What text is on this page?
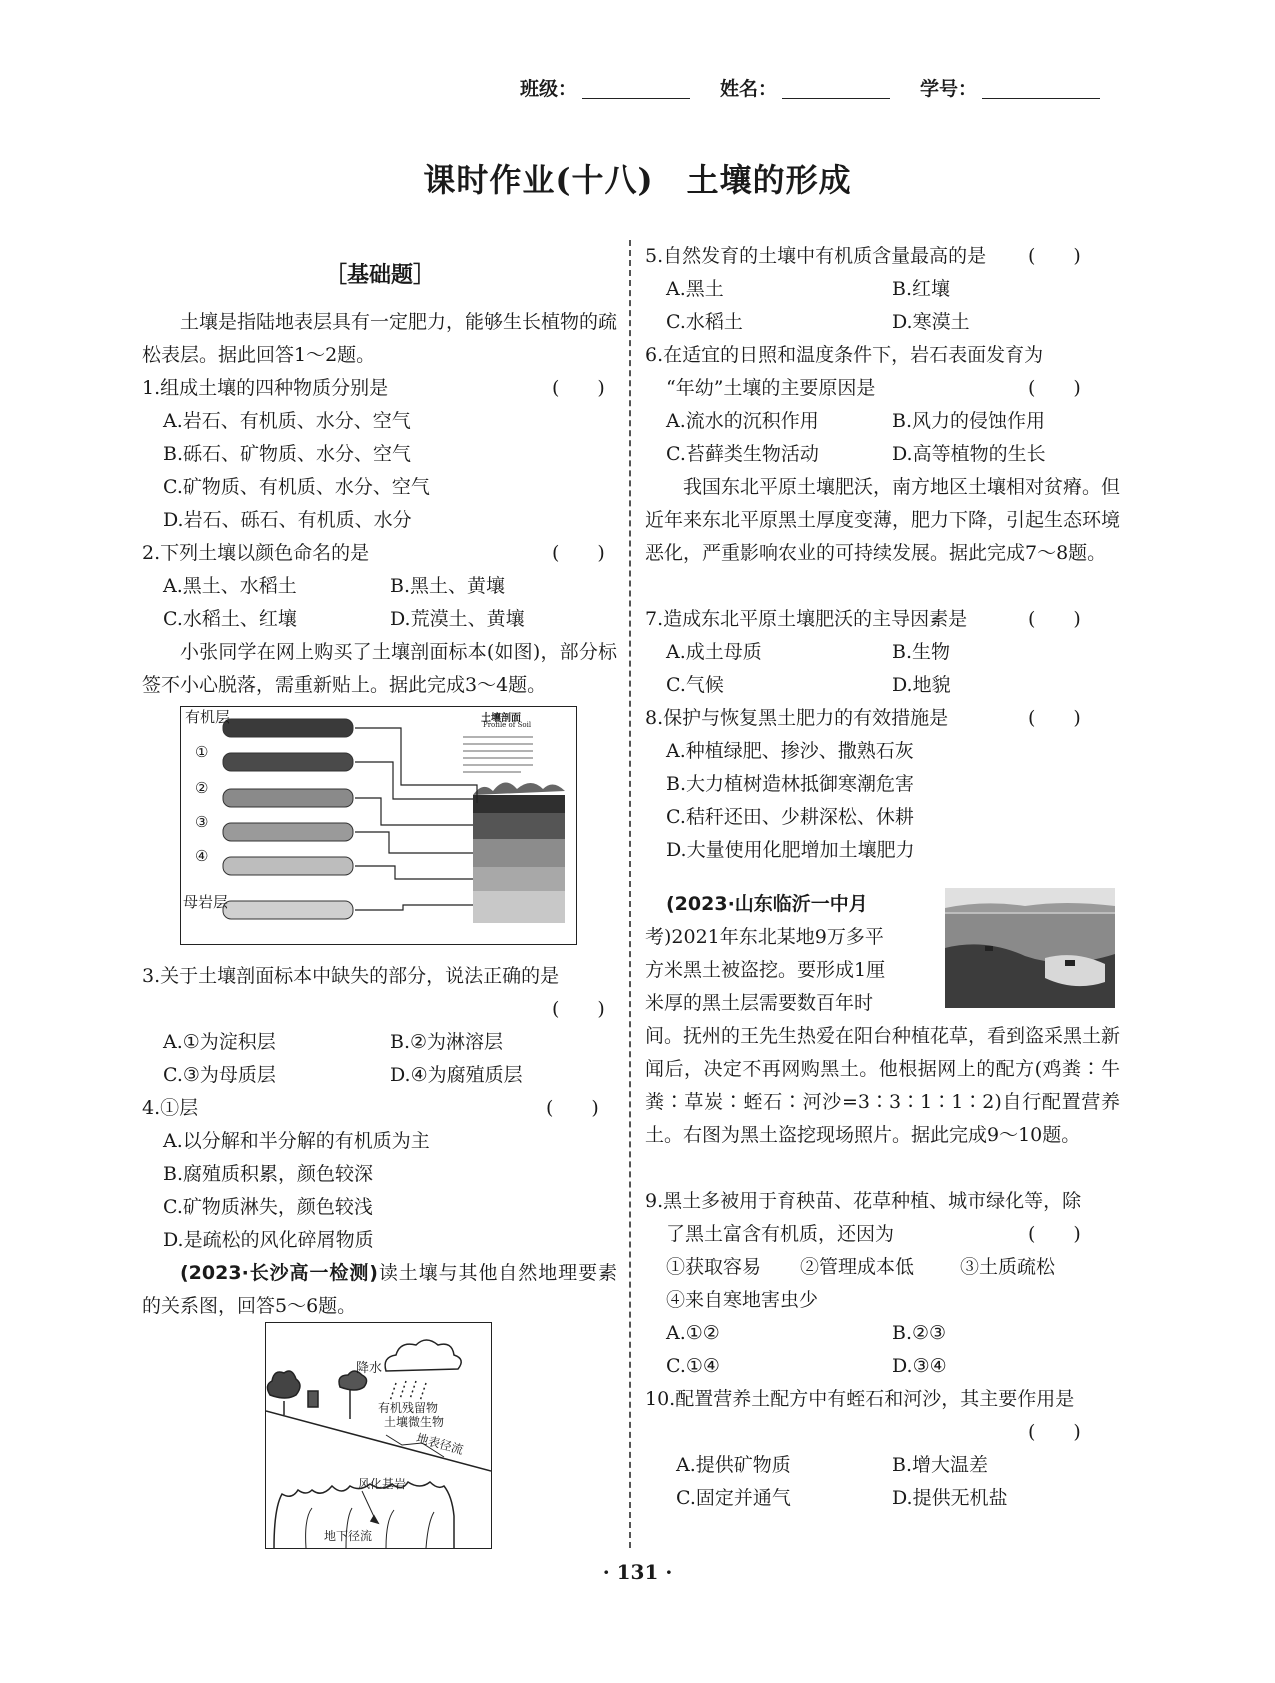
班级：	姓名：	学号：
课时作业(十八)　土壤的形成
［基础题］
土壤是指陆地表层具有一定肥力，能够生长植物的疏松表层。据此回答1～2题。
1.组成土壤的四种物质分别是	(　　)
A.岩石、有机质、水分、空气
B.砾石、矿物质、水分、空气
C.矿物质、有机质、水分、空气
D.岩石、砾石、有机质、水分
2.下列土壤以颜色命名的是	(　　)
A.黑土、水稻土	B.黑土、黄壤
C.水稻土、红壤	D.荒漠土、黄壤
小张同学在网上购买了土壤剖面标本(如图)，部分标签不小心脱落，需重新贴上。据此完成3～4题。
有机层
①
②
③
④
母岩层
土壤剖面
Profile of Soil
3.关于土壤剖面标本中缺失的部分，说法正确的是
(　　)
A.①为淀积层	B.②为淋溶层
C.③为母质层	D.④为腐殖质层
4.①层	(　　)
A.以分解和半分解的有机质为主
B.腐殖质积累，颜色较深
C.矿物质淋失，颜色较浅
D.是疏松的风化碎屑物质
(2023·长沙高一检测)读土壤与其他自然地理要素的关系图，回答5～6题。
降水
有机残留物
土壤微生物
地表径流
风化基岩
地下径流
5.自然发育的土壤中有机质含量最高的是 (　　)
A.黑土	B.红壤
C.水稻土	D.寒漠土
6.在适宜的日照和温度条件下，岩石表面发育为
“年幼”土壤的主要原因是	(　　)
A.流水的沉积作用	B.风力的侵蚀作用
C.苔藓类生物活动	D.高等植物的生长
我国东北平原土壤肥沃，南方地区土壤相对贫瘠。但近年来东北平原黑土厚度变薄，肥力下降，引起生态环境恶化，严重影响农业的可持续发展。据此完成7～8题。
7.造成东北平原土壤肥沃的主导因素是	(　　)
A.成土母质	B.生物
C.气候	D.地貌
8.保护与恢复黑土肥力的有效措施是	(　　)
A.种植绿肥、掺沙、撒熟石灰
B.大力植树造林抵御寒潮危害
C.秸秆还田、少耕深松、休耕
D.大量使用化肥增加土壤肥力
(2023·山东临沂一中月
考)2021年东北某地9万多平
方米黑土被盗挖。要形成1厘
米厚的黑土层需要数百年时
间。抚州的王先生热爱在阳台种植花草，看到盗采黑土新闻后，决定不再网购黑土。他根据网上的配方(鸡粪∶牛粪∶草炭∶蛭石∶河沙=3∶3∶1∶1∶2)自行配置营养土。右图为黑土盗挖现场照片。据此完成9～10题。
9.黑土多被用于育秧苗、花草种植、城市绿化等，除
了黑土富含有机质，还因为	(　　)
①获取容易 ②管理成本低 ③土质疏松
④来自寒地害虫少
A.①②	B.②③
C.①④	D.③④
10.配置营养土配方中有蛭石和河沙，其主要作用是
(　　)
A.提供矿物质	B.增大温差
C.固定并通气	D.提供无机盐
· 131 ·
